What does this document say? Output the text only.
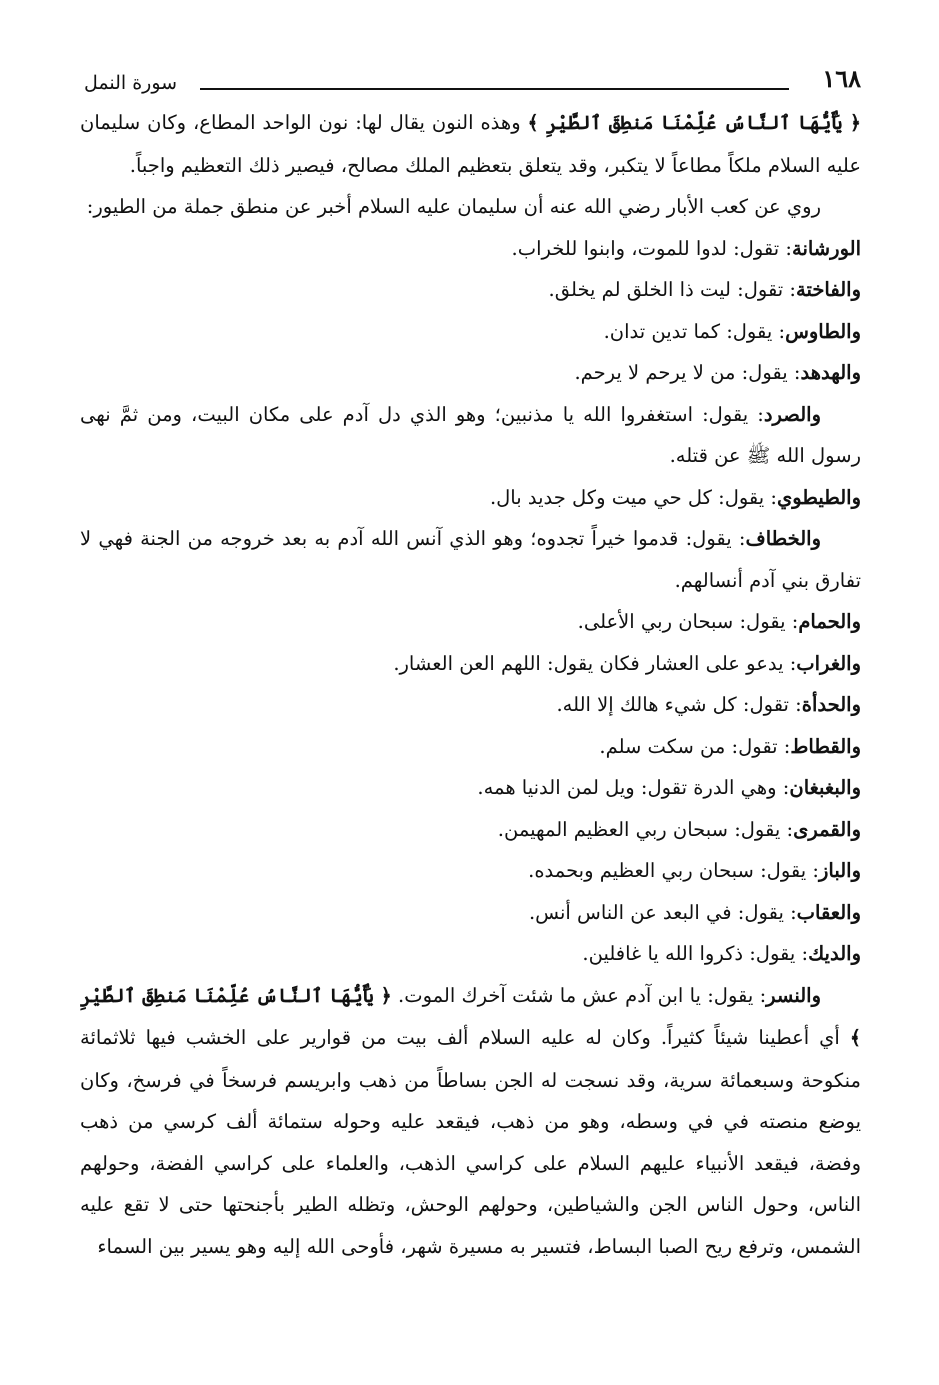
١٦٨
سورة النمل

﴿ يَٰأَيُّهَا ٱلنَّاسُ عُلِّمْنَا مَنطِقَ ٱلطَّيْرِ ﴾ وهذه النون يقال لها: نون الواحد المطاع، وكان سليمان عليه السلام ملكاً مطاعاً لا يتكبر، وقد يتعلق بتعظيم الملك مصالح، فيصير ذلك التعظيم واجباً.

روي عن كعب الأبار رضي الله عنه أن سليمان عليه السلام أخبر عن منطق جملة من الطيور:

الورشانة: تقول: لدوا للموت، وابنوا للخراب.

والفاختة: تقول: ليت ذا الخلق لم يخلق.

والطاوس: يقول: كما تدين تدان.

والهدهد: يقول: من لا يرحم لا يرحم.

والصرد: يقول: استغفروا الله يا مذنبين؛ وهو الذي دل آدم على مكان البيت، ومن ثمَّ نهى رسول الله ﷺ عن قتله.

والطيطوي: يقول: كل حي ميت وكل جديد بال.

والخطاف: يقول: قدموا خيراً تجدوه؛ وهو الذي آنس الله آدم به بعد خروجه من الجنة فهي لا تفارق بني آدم أنسالهم.

والحمام: يقول: سبحان ربي الأعلى.

والغراب: يدعو على العشار فكان يقول: اللهم العن العشار.

والحدأة: تقول: كل شيء هالك إلا الله.

والقطاط: تقول: من سكت سلم.

والبغبغان: وهي الدرة تقول: ويل لمن الدنيا همه.

والقمرى: يقول: سبحان ربي العظيم المهيمن.

والباز: يقول: سبحان ربي العظيم وبحمده.

والعقاب: يقول: في البعد عن الناس أنس.

والديك: يقول: ذكروا الله يا غافلين.

والنسر: يقول: يا ابن آدم عش ما شئت آخرك الموت. ﴿ يَٰأَيُّهَا ٱلنَّاسُ عُلِّمْنَا مَنطِقَ ٱلطَّيْرِ ﴾ أي أعطينا شيئاً كثيراً. وكان له عليه السلام ألف بيت من قوارير على الخشب فيها ثلاثمائة منكوحة وسبعمائة سرية، وقد نسجت له الجن بساطاً من ذهب وابريسم فرسخاً في فرسخ، وكان يوضع منصته في في وسطه، وهو من ذهب، فيقعد عليه وحوله ستمائة ألف كرسي من ذهب وفضة، فيقعد الأنبياء عليهم السلام على كراسي الذهب، والعلماء على كراسي الفضة، وحولهم الناس، وحول الناس الجن والشياطين، وحولهم الوحش، وتظله الطير بأجنحتها حتى لا تقع عليه الشمس، وترفع ريح الصبا البساط، فتسير به مسيرة شهر، فأوحى الله إليه وهو يسير بين السماء
